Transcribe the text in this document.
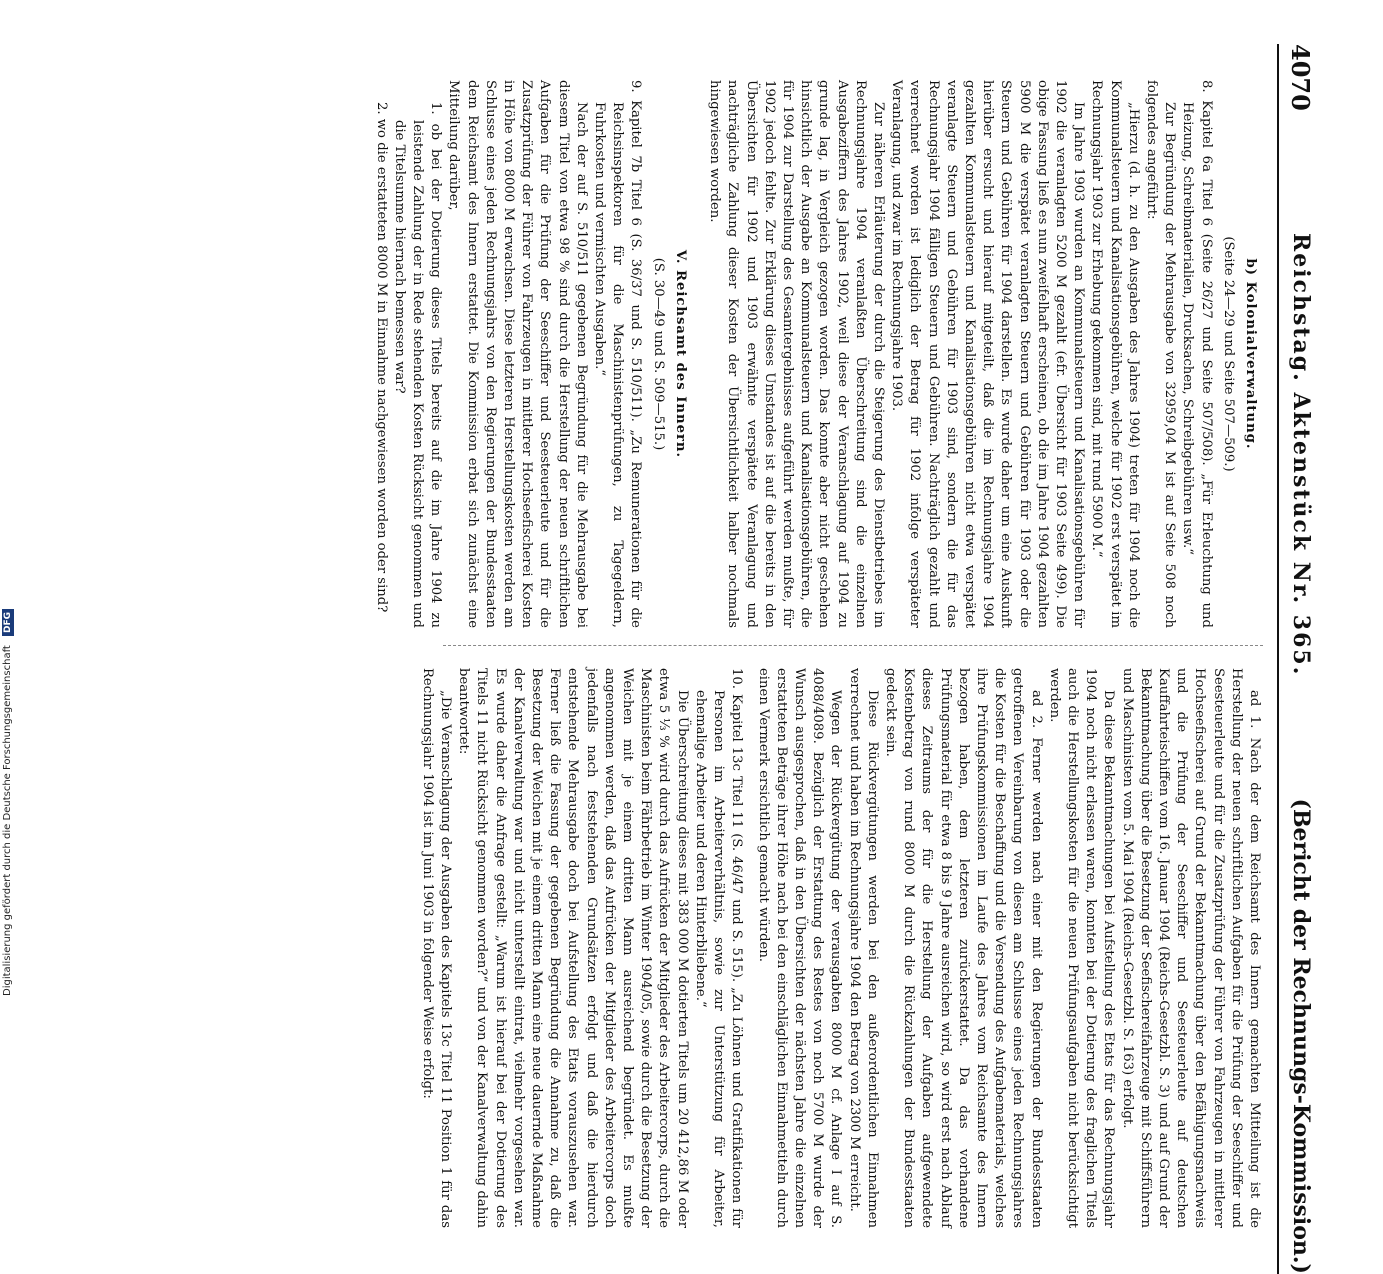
4070
Reichstag. Aktenstück Nr. 365.
(Bericht der Rechnungs-Kommission.)

b) Kolonialverwaltung.

(Seite 24—29 und Seite 507—509.)

8. Kapitel 6a Titel 6 (Seite 26/27 und Seite 507/508). „Für Erleuchtung und Heizung, Schreibmaterialien, Drucksachen, Schreibgebühren usw.“

Zur Begründung der Mehrausgabe von 32959,04 M ist auf Seite 508 noch folgendes angeführt:

„Hierzu (d. h. zu den Ausgaben des Jahres 1904) treten für 1904 noch die Kommunalsteuern und Kanalisationsgebühren, welche für 1902 erst verspätet im Rechnungsjahr 1903 zur Erhebung gekommen sind, mit rund 5900 M.“

Im Jahre 1903 wurden an Kommunalsteuern und Kanalisationsgebühren für 1902 die veranlagten 5200 M gezahlt (efr. Übersicht für 1903 Seite 499). Die obige Fassung ließ es nun zweifelhaft erscheinen, ob die im Jahre 1904 gezahlten 5900 M die verspätet veranlagten Steuern und Gebühren für 1903 oder die Steuern und Gebühren für 1904 darstellen. Es wurde daher um eine Auskunft hierüber ersucht und hierauf mitgeteilt, daß die im Rechnungsjahre 1904 gezahlten Kommunalsteuern und Kanalisationsgebühren nicht etwa verspätet veranlagte Steuern und Gebühren für 1903 sind, sondern die für das Rechnungsjahr 1904 fälligen Steuern und Gebühren. Nachträglich gezahlt und verrechnet worden ist lediglich der Betrag für 1902 infolge verspäteter Veranlagung, und zwar im Rechnungsjahre 1903.

Zur näheren Erläuterung der durch die Steigerung des Dienstbetriebes im Rechnungsjahre 1904 veranlaßten Überschreitung sind die einzelnen Ausgabeziffern des Jahres 1902, weil diese der Veranschlagung auf 1904 zu grunde lag, in Vergleich gezogen worden. Das konnte aber nicht geschehen hinsichtlich der Ausgabe an Kommunalsteuern und Kanalisationsgebühren, die für 1904 zur Darstellung des Gesamtergebnisses aufgeführt werden mußte, für 1902 jedoch fehlte. Zur Erklärung dieses Umstandes ist auf die bereits in den Übersichten für 1902 und 1903 erwähnte verspätete Veranlagung und nachträgliche Zahlung dieser Kosten der Übersichtlichkeit halber nochmals hingewiesen worden.

V. Reichsamt des Innern.

(S. 30—49 und S. 509—515.)

9. Kapitel 7b Titel 6 (S. 36/37 und S. 510/511). „Zu Remunerationen für die Reichsinspektoren für die Maschinistenprüfungen, zu Tagegeldern, Fuhrkosten und vermischten Ausgaben.“

Nach der auf S. 510/511 gegebenen Begründung für die Mehrausgabe bei diesem Titel von etwa 98 % sind durch die Herstellung der neuen schriftlichen Aufgaben für die Prüfung der Seeschiffer und Seesteuerleute und für die Zusatzprüfung der Führer von Fahrzeugen in mittlerer Hochseefischerei Kosten in Höhe von 8000 M erwachsen. Diese letzteren Herstellungskosten werden am Schlusse eines jeden Rechnungsjahrs von den Regierungen der Bundesstaaten dem Reichsamt des Innern erstattet. Die Kommission erbat sich zunächst eine Mitteilung darüber,

1. ob bei der Dotierung dieses Titels bereits auf die im Jahre 1904 zu leistende Zahlung der in Rede stehenden Kosten Rücksicht genommen und die Titelsumme hiernach bemessen war?

2. wo die erstatteten 8000 M in Einnahme nachgewiesen worden oder sind?

ad 1. Nach der dem Reichsamt des Innern gemachten Mitteilung ist die Herstellung der neuen schriftlichen Aufgaben für die Prüfung der Seeschiffer und Seesteuerleute und für die Zusatzprüfung der Führer von Fahrzeugen in mittlerer Hochseefischerei auf Grund der Bekanntmachung über den Befähigungsnachweis und die Prüfung der Seeschiffer und Seesteuerleute auf deutschen Kauffahrteischiffen vom 16. Januar 1904 (Reichs-Gesetzbl. S. 3) und auf Grund der Bekanntmachung über die Besetzung der Seefischereifahrzeuge mit Schiffsführern und Maschinisten vom 5. Mai 1904 (Reichs-Gesetzbl. S. 163) erfolgt.

Da diese Bekanntmachungen bei Aufstellung des Etats für das Rechnungsjahr 1904 noch nicht erlassen waren, konnten bei der Dotierung des fraglichen Titels auch die Herstellungskosten für die neuen Prüfungsaufgaben nicht berücksichtigt werden.

ad 2. Ferner werden nach einer mit den Regierungen der Bundesstaaten getroffenen Vereinbarung von diesen am Schlusse eines jeden Rechnungsjahres die Kosten für die Beschaffung und die Versendung des Aufgabematerials, welches ihre Prüfungskommissionen im Laufe des Jahres vom Reichsamte des Innern bezogen haben, dem letzteren zurückerstattet. Da das vorhandene Prüfungsmaterial für etwa 8 bis 9 Jahre ausreichen wird, so wird erst nach Ablauf dieses Zeitraums der für die Herstellung der Aufgaben aufgewendete Kostenbetrag von rund 8000 M durch die Rückzahlungen der Bundesstaaten gedeckt sein.

Diese Rückvergütungen werden bei den außerordentlichen Einnahmen verrechnet und haben im Rechnungsjahre 1904 den Betrag von 2300 M erreicht.

Wegen der Rückvergütung der verausgabten 8000 M cf. Anlage I auf S. 4088/4089. Bezüglich der Erstattung des Restes von noch 5700 M wurde der Wunsch ausgesprochen, daß in den Übersichten der nächsten Jahre die einzelnen erstatteten Beträge ihrer Höhe nach bei den einschläglichen Einnahmetiteln durch einen Vermerk ersichtlich gemacht würden.

10. Kapitel 13c Titel 11 (S. 46/47 und S. 515). „Zu Löhnen und Gratifikationen für Personen im Arbeiterverhältnis, sowie zur Unterstützung für Arbeiter, ehemalige Arbeiter und deren Hinterbliebene.“

Die Überschreitung dieses mit 383 000 M dotierten Titels um 20 412,86 M oder etwa 5 ⅓ % wird durch das Aufrücken der Mitglieder des Arbeitercorps, durch die Maschinisten beim Fährbetrieb im Winter 1904/05, sowie durch die Besetzung der Weichen mit je einem dritten Mann ausreichend begründet. Es mußte angenommen werden, daß das Aufrücken der Mitglieder des Arbeitercorps doch jedenfalls nach feststehenden Grundsätzen erfolgt und daß die hierdurch entstehende Mehrausgabe doch bei Aufstellung des Etats vorauszusehen war. Ferner ließ die Fassung der gegebenen Begründung die Annahme zu, daß die Besetzung der Weichen mit je einem dritten Mann eine neue dauernde Maßnahme der Kanalverwaltung war und nicht unterstellt eintrat, vielmehr vorgesehen war. Es wurde daher die Anfrage gestellt: „Warum ist hierauf bei der Dotierung des Titels 11 nicht Rücksicht genommen worden?“ und von der Kanalverwaltung dahin beantwortet:

„Die Veranschlagung der Ausgaben des Kapitels 13c Titel 11 Position 1 für das Rechnungsjahr 1904 ist im Juni 1903 in folgender Weise erfolgt:

Digitalisierung gefördert durch die Deutsche Forschungsgemeinschaft DFG
